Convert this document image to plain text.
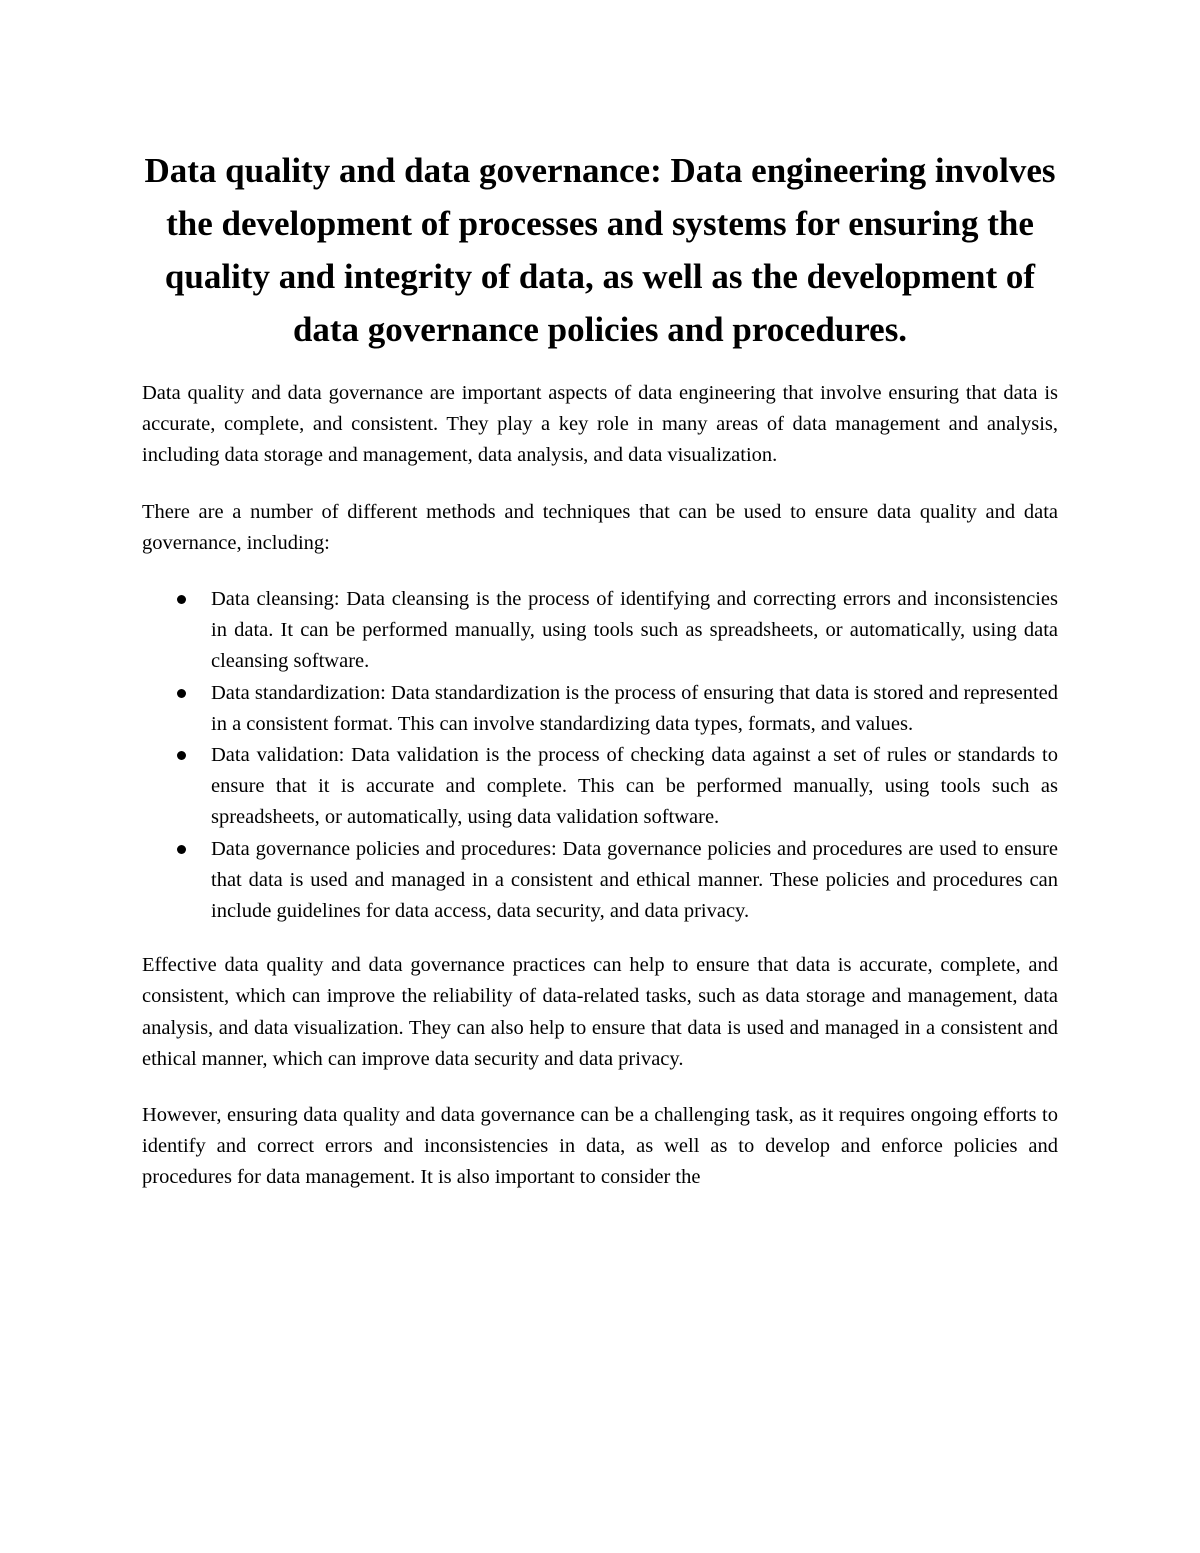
Data quality and data governance: Data engineering involves the development of processes and systems for ensuring the quality and integrity of data, as well as the development of data governance policies and procedures.

Data quality and data governance are important aspects of data engineering that involve ensuring that data is accurate, complete, and consistent. They play a key role in many areas of data management and analysis, including data storage and management, data analysis, and data visualization.

There are a number of different methods and techniques that can be used to ensure data quality and data governance, including:

Data cleansing: Data cleansing is the process of identifying and correcting errors and inconsistencies in data. It can be performed manually, using tools such as spreadsheets, or automatically, using data cleansing software.
Data standardization: Data standardization is the process of ensuring that data is stored and represented in a consistent format. This can involve standardizing data types, formats, and values.
Data validation: Data validation is the process of checking data against a set of rules or standards to ensure that it is accurate and complete. This can be performed manually, using tools such as spreadsheets, or automatically, using data validation software.
Data governance policies and procedures: Data governance policies and procedures are used to ensure that data is used and managed in a consistent and ethical manner. These policies and procedures can include guidelines for data access, data security, and data privacy.

Effective data quality and data governance practices can help to ensure that data is accurate, complete, and consistent, which can improve the reliability of data-related tasks, such as data storage and management, data analysis, and data visualization. They can also help to ensure that data is used and managed in a consistent and ethical manner, which can improve data security and data privacy.

However, ensuring data quality and data governance can be a challenging task, as it requires ongoing efforts to identify and correct errors and inconsistencies in data, as well as to develop and enforce policies and procedures for data management. It is also important to consider the
